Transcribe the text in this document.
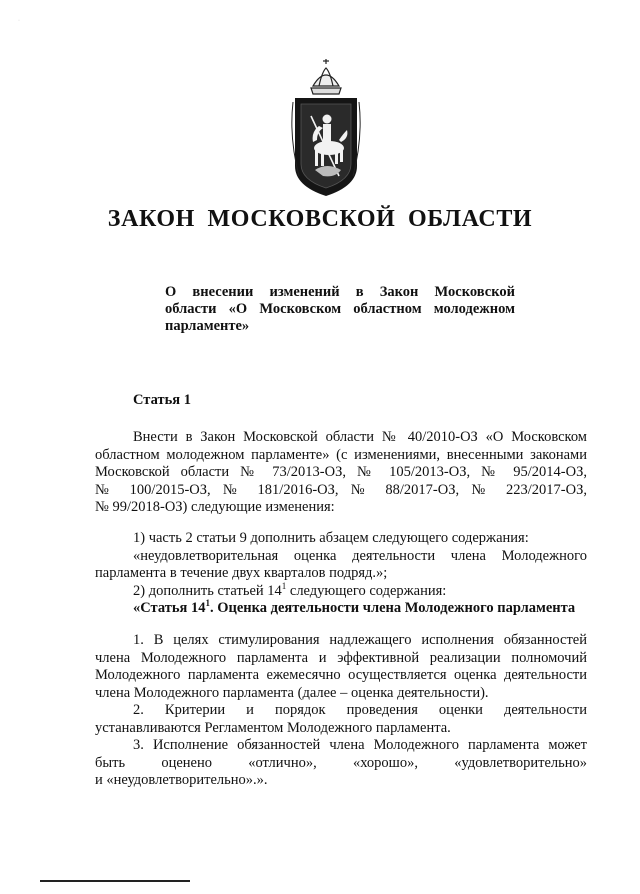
·
ЗАКОН МОСКОВСКОЙ ОБЛАСТИ
О внесении изменений в Закон Московской
области «О Московском областном молодежном
парламенте»
Статья 1
Внести в Закон Московской области № 40/2010-ОЗ «О Московском
областном молодежном парламенте» (с изменениями, внесенными законами
Московской области № 73/2013-ОЗ, № 105/2013-ОЗ, № 95/2014-ОЗ,
№ 100/2015-ОЗ, № 181/2016-ОЗ, № 88/2017-ОЗ, № 223/2017-ОЗ,
№ 99/2018-ОЗ) следующие изменения:
1) часть 2 статьи 9 дополнить абзацем следующего содержания:
«неудовлетворительная оценка деятельности члена Молодежного
парламента в течение двух кварталов подряд.»;
2) дополнить статьей $14^1$ следующего содержания:
«Статья $14^1$. Оценка деятельности члена Молодежного парламента
1. В целях стимулирования надлежащего исполнения обязанностей
члена Молодежного парламента и эффективной реализации полномочий
Молодежного парламента ежемесячно осуществляется оценка деятельности
члена Молодежного парламента (далее – оценка деятельности).
2. Критерии и порядок проведения оценки деятельности
устанавливаются Регламентом Молодежного парламента.
3. Исполнение обязанностей члена Молодежного парламента может
быть оценено «отлично», «хорошо», «удовлетворительно»
и «неудовлетворительно».».
